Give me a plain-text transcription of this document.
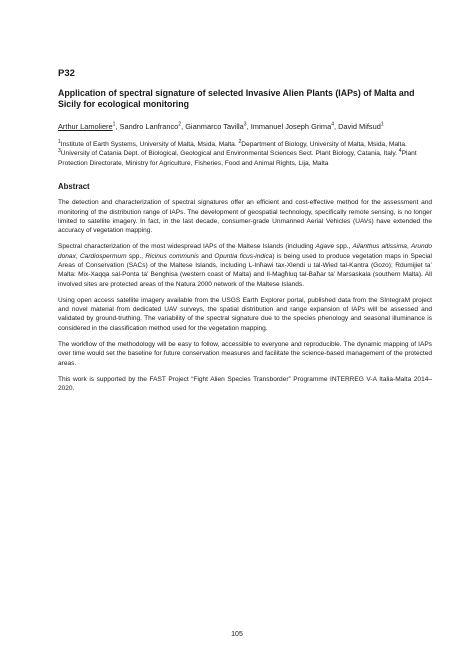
P32
Application of spectral signature of selected Invasive Alien Plants (IAPs) of Malta and Sicily for ecological monitoring
Arthur Lamoliere$^1$, Sandro Lanfranco$^2$, Gianmarco Tavilla$^3$, Immanuel Joseph Grima$^4$, David Mifsud$^1$
$^1$Institute of Earth Systems, University of Malta, Msida, Malta. $^2$Department of Biology, University of Malta, Msida, Malta. $^3$University of Catania Dept. of Biological, Geological and Environmental Sciences Sect. Plant Biology, Catania, Italy. $^4$Plant Protection Directorate, Ministry for Agriculture, Fisheries, Food and Animal Rights, Lija, Malta
Abstract

The detection and characterization of spectral signatures offer an efficient and cost-effective method for the assessment and monitoring of the distribution range of IAPs. The development of geospatial technology, specifically remote sensing, is no longer limited to satellite imagery. In fact, in the last decade, consumer-grade Unmanned Aerial Vehicles (UAVs) have extended the accuracy of vegetation mapping.

Spectral characterization of the most widespread IAPs of the Maltese Islands (including Agave spp., Ailanthus altissima, Arundo donax, Cardiospermum spp., Ricinus communis and Opuntia ficus-indica) is being used to produce vegetation maps in Special Areas of Conservation (SACs) of the Maltese Islands, including L-Inħawi tax-Xlendi u tal-Wied tal-Kantra (Gozo); Rdumijiet ta’ Malta: Mix-Xaqqa sal-Ponta ta’ Benghisa (western coast of Malta) and Il-Magħluq tal-Baħar ta’ Marsaskala (southern Malta). All involved sites are protected areas of the Natura 2000 network of the Maltese Islands.

Using open access satellite imagery available from the USGS Earth Explorer portal, published data from the SIntegraM project and novel material from dedicated UAV surveys, the spatial distribution and range expansion of IAPs will be assessed and validated by ground-truthing. The variability of the spectral signature due to the species phenology and seasonal illuminance is considered in the classification method used for the vegetation mapping.

The workflow of the methodology will be easy to follow, accessible to everyone and reproducible. The dynamic mapping of IAPs over time would set the baseline for future conservation measures and facilitate the science-based management of the protected areas.

This work is supported by the FAST Project “Fight Alien Species Transborder” Programme INTERREG V-A Italia-Malta 2014–2020.

105
